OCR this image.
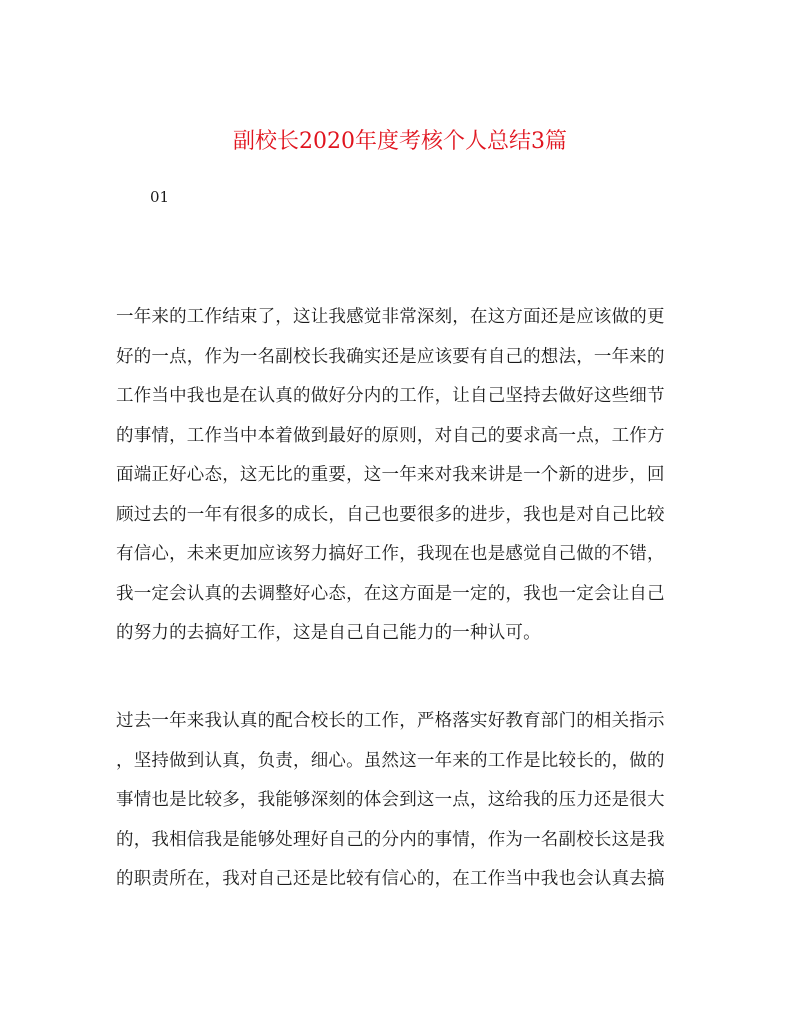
副校长2020年度考核个人总结3篇
01
一年来的工作结束了，这让我感觉非常深刻，在这方面还是应该做的更
好的一点，作为一名副校长我确实还是应该要有自己的想法，一年来的
工作当中我也是在认真的做好分内的工作，让自己坚持去做好这些细节
的事情，工作当中本着做到最好的原则，对自己的要求高一点，工作方
面端正好心态，这无比的重要，这一年来对我来讲是一个新的进步，回
顾过去的一年有很多的成长，自己也要很多的进步，我也是对自己比较
有信心，未来更加应该努力搞好工作，我现在也是感觉自己做的不错，
我一定会认真的去调整好心态，在这方面是一定的，我也一定会让自己
的努力的去搞好工作，这是自己自己能力的一种认可。
过去一年来我认真的配合校长的工作，严格落实好教育部门的相关指示
，坚持做到认真，负责，细心。虽然这一年来的工作是比较长的，做的
事情也是比较多，我能够深刻的体会到这一点，这给我的压力还是很大
的，我相信我是能够处理好自己的分内的事情，作为一名副校长这是我
的职责所在，我对自己还是比较有信心的，在工作当中我也会认真去搞
